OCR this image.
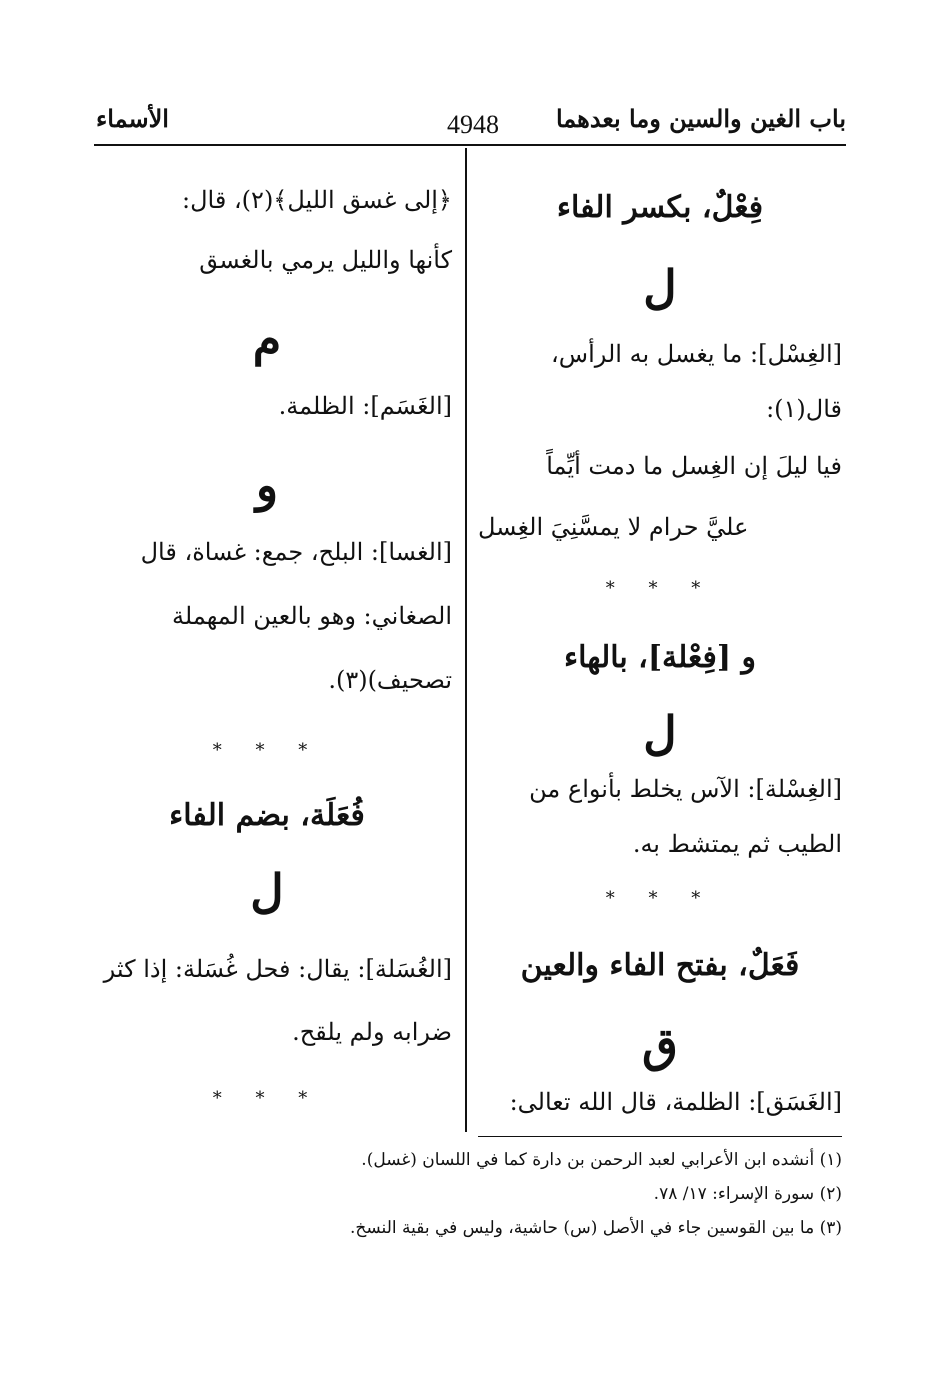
باب الغين والسين وما بعدهما
4948
الأسماء
فِعْلٌ، بكسر الفاء
ل
[الغِسْل]: ما يغسل به الرأس،
قال(١):
فيا ليلَ إن الغِسل ما دمت أيِّماً
عليَّ حرام لا يمسَّنِيَ الغِسل
* * *
و [فِعْلة]، بالهاء
ل
[الغِسْلة]: الآس يخلط بأنواع من
الطيب ثم يمتشط به.
* * *
فَعَلٌ، بفتح الفاء والعين
ق
[الغَسَق]: الظلمة، قال الله تعالى:
﴿إلى غسق الليل﴾(٢)، قال:
كأنها والليل يرمي بالغسق
م
[الغَسَم]: الظلمة.
و
[الغسا]: البلح، جمع: غساة، قال
الصغاني: وهو بالعين المهملة
تصحيف)(٣).
* * *
فُعَلَة، بضم الفاء
ل
[الغُسَلة]: يقال: فحل غُسَلة: إذا كثر
ضرابه ولم يلقح.
* * *
(١) أنشده ابن الأعرابي لعبد الرحمن بن دارة كما في اللسان (غسل).
(٢) سورة الإسراء: ١٧/ ٧٨.
(٣) ما بين القوسين جاء في الأصل (س) حاشية، وليس في بقية النسخ.
